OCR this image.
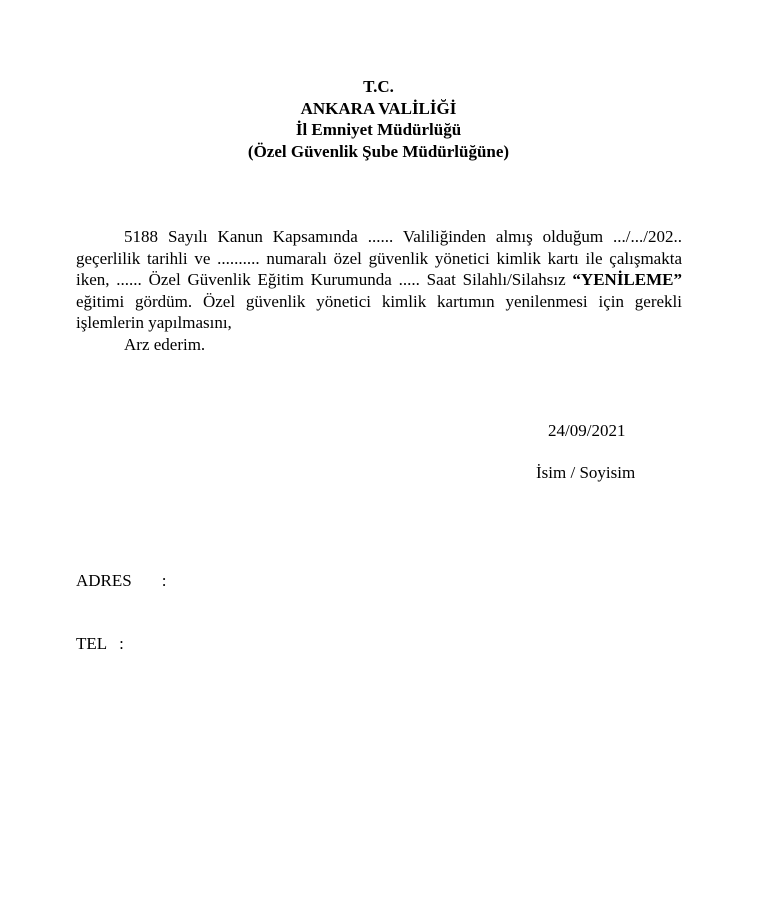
T.C.
ANKARA VALİLİĞİ
İl Emniyet Müdürlüğü
(Özel Güvenlik Şube Müdürlüğüne)

5188 Sayılı Kanun Kapsamında ...... Valiliğinden almış olduğum .../.../202.. geçerlilik tarihli ve .......... numaralı özel güvenlik yönetici kimlik kartı ile çalışmakta iken, ...... Özel Güvenlik Eğitim Kurumunda ..... Saat Silahlı/Silahsız “YENİLEME” eğitimi gördüm. Özel güvenlik yönetici kimlik kartımın yenilenmesi için gerekli işlemlerin yapılmasını,

Arz ederim.

24/09/2021
İsim / Soyisim
ADRES :
TEL :
